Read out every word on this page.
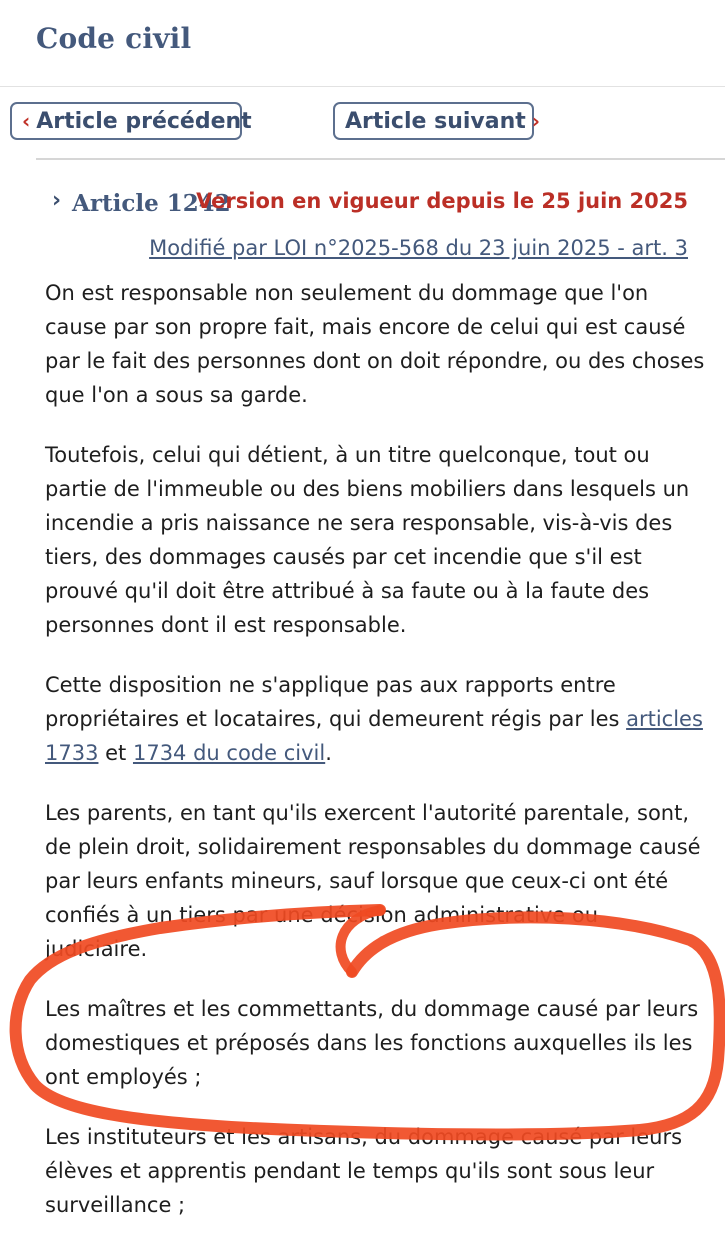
Code civil
‹ Article précédent	Article suivant ›
› Article 1242
Version en vigueur depuis le 25 juin 2025
Modifié par LOI n°2025-568 du 23 juin 2025 - art. 3

On est responsable non seulement du dommage que l'on cause par son propre fait, mais encore de celui qui est causé par le fait des personnes dont on doit répondre, ou des choses que l'on a sous sa garde.

Toutefois, celui qui détient, à un titre quelconque, tout ou partie de l'immeuble ou des biens mobiliers dans lesquels un incendie a pris naissance ne sera responsable, vis-à-vis des tiers, des dommages causés par cet incendie que s'il est prouvé qu'il doit être attribué à sa faute ou à la faute des personnes dont il est responsable.

Cette disposition ne s'applique pas aux rapports entre propriétaires et locataires, qui demeurent régis par les articles 1733 et 1734 du code civil.

Les parents, en tant qu'ils exercent l'autorité parentale, sont, de plein droit, solidairement responsables du dommage causé par leurs enfants mineurs, sauf lorsque que ceux-ci ont été confiés à un tiers par une décision administrative ou judiciaire.

Les maîtres et les commettants, du dommage causé par leurs domestiques et préposés dans les fonctions auxquelles ils les ont employés ;

Les instituteurs et les artisans, du dommage causé par leurs élèves et apprentis pendant le temps qu'ils sont sous leur surveillance ;
